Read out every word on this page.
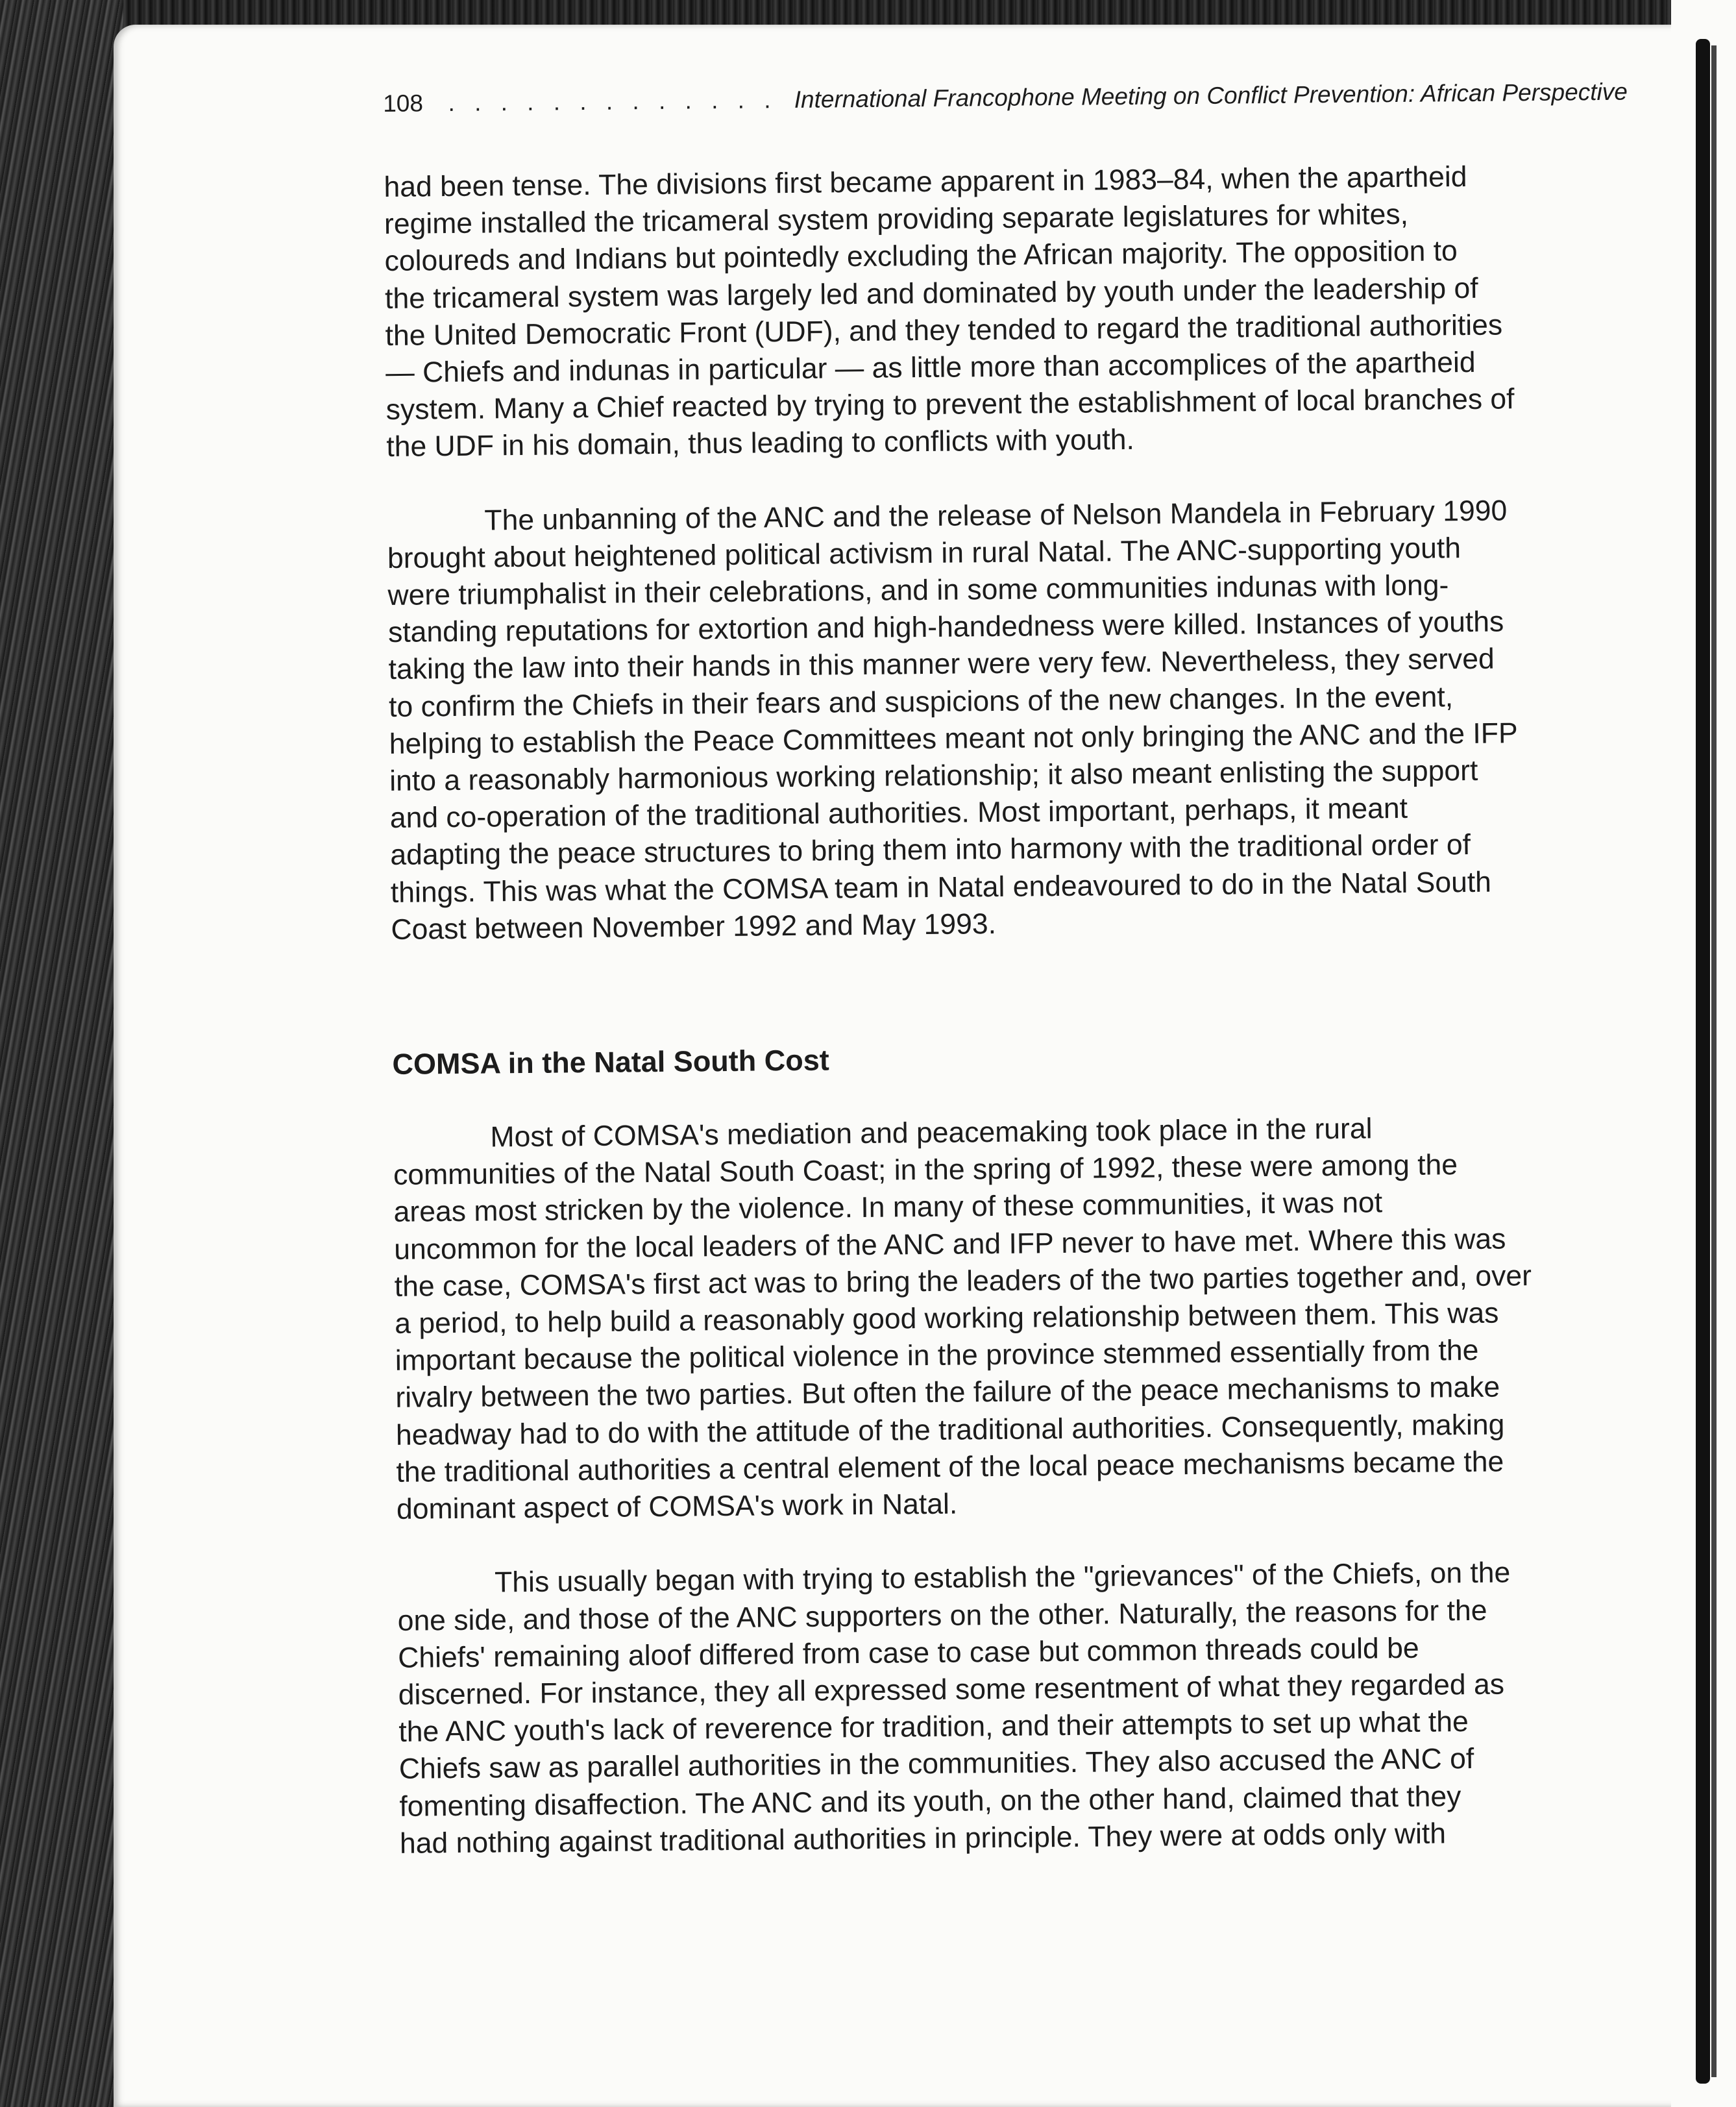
108 . . . . . . . . . . . . . International Francophone Meeting on Conflict Prevention: African Perspective

had been tense. The divisions first became apparent in 1983–84, when the apartheid
regime installed the tricameral system providing separate legislatures for whites,
coloureds and Indians but pointedly excluding the African majority. The opposition to
the tricameral system was largely led and dominated by youth under the leadership of
the United Democratic Front (UDF), and they tended to regard the traditional authorities
— Chiefs and indunas in particular — as little more than accomplices of the apartheid
system. Many a Chief reacted by trying to prevent the establishment of local branches of
the UDF in his domain, thus leading to conflicts with youth.

The unbanning of the ANC and the release of Nelson Mandela in February 1990
brought about heightened political activism in rural Natal. The ANC-supporting youth
were triumphalist in their celebrations, and in some communities indunas with long-
standing reputations for extortion and high-handedness were killed. Instances of youths
taking the law into their hands in this manner were very few. Nevertheless, they served
to confirm the Chiefs in their fears and suspicions of the new changes. In the event,
helping to establish the Peace Committees meant not only bringing the ANC and the IFP
into a reasonably harmonious working relationship; it also meant enlisting the support
and co-operation of the traditional authorities. Most important, perhaps, it meant
adapting the peace structures to bring them into harmony with the traditional order of
things. This was what the COMSA team in Natal endeavoured to do in the Natal South
Coast between November 1992 and May 1993.

COMSA in the Natal South Cost

Most of COMSA's mediation and peacemaking took place in the rural
communities of the Natal South Coast; in the spring of 1992, these were among the
areas most stricken by the violence. In many of these communities, it was not
uncommon for the local leaders of the ANC and IFP never to have met. Where this was
the case, COMSA's first act was to bring the leaders of the two parties together and, over
a period, to help build a reasonably good working relationship between them. This was
important because the political violence in the province stemmed essentially from the
rivalry between the two parties. But often the failure of the peace mechanisms to make
headway had to do with the attitude of the traditional authorities. Consequently, making
the traditional authorities a central element of the local peace mechanisms became the
dominant aspect of COMSA's work in Natal.

This usually began with trying to establish the "grievances" of the Chiefs, on the
one side, and those of the ANC supporters on the other. Naturally, the reasons for the
Chiefs' remaining aloof differed from case to case but common threads could be
discerned. For instance, they all expressed some resentment of what they regarded as
the ANC youth's lack of reverence for tradition, and their attempts to set up what the
Chiefs saw as parallel authorities in the communities. They also accused the ANC of
fomenting disaffection. The ANC and its youth, on the other hand, claimed that they
had nothing against traditional authorities in principle. They were at odds only with
